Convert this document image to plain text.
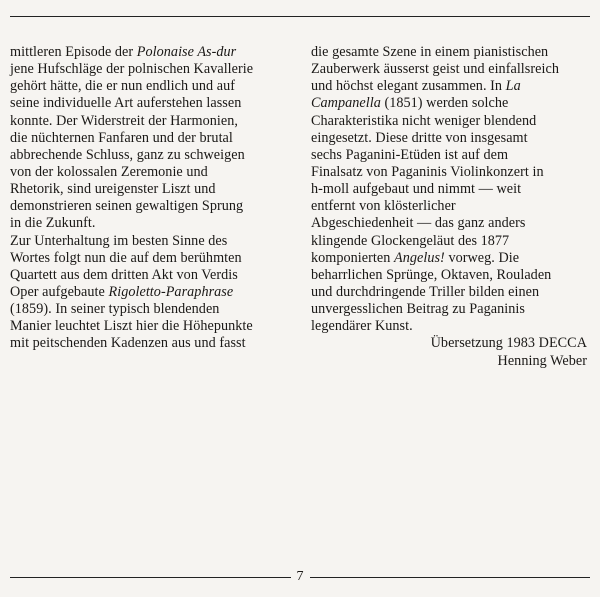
mittleren Episode der Polonaise As-dur
jene Hufschläge der polnischen Kavallerie
gehört hätte, die er nun endlich und auf
seine individuelle Art auferstehen lassen
konnte. Der Widerstreit der Harmonien,
die nüchternen Fanfaren und der brutal
abbrechende Schluss, ganz zu schweigen
von der kolossalen Zeremonie und
Rhetorik, sind ureigenster Liszt und
demonstrieren seinen gewaltigen Sprung
in die Zukunft.
Zur Unterhaltung im besten Sinne des
Wortes folgt nun die auf dem berühmten
Quartett aus dem dritten Akt von Verdis
Oper aufgebaute Rigoletto-Paraphrase
(1859). In seiner typisch blendenden
Manier leuchtet Liszt hier die Höhepunkte
mit peitschenden Kadenzen aus und fasst
die gesamte Szene in einem pianistischen
Zauberwerk äusserst geist und einfallsreich
und höchst elegant zusammen. In La
Campanella (1851) werden solche
Charakteristika nicht weniger blendend
eingesetzt. Diese dritte von insgesamt
sechs Paganini-Etüden ist auf dem
Finalsatz von Paganinis Violinkonzert in
h-moll aufgebaut und nimmt — weit
entfernt von klösterlicher
Abgeschiedenheit — das ganz anders
klingende Glockengeläut des 1877
komponierten Angelus! vorweg. Die
beharrlichen Sprünge, Oktaven, Rouladen
und durchdringende Triller bilden einen
unvergesslichen Beitrag zu Paganinis
legendärer Kunst.
Übersetzung 1983 DECCA
Henning Weber
7
